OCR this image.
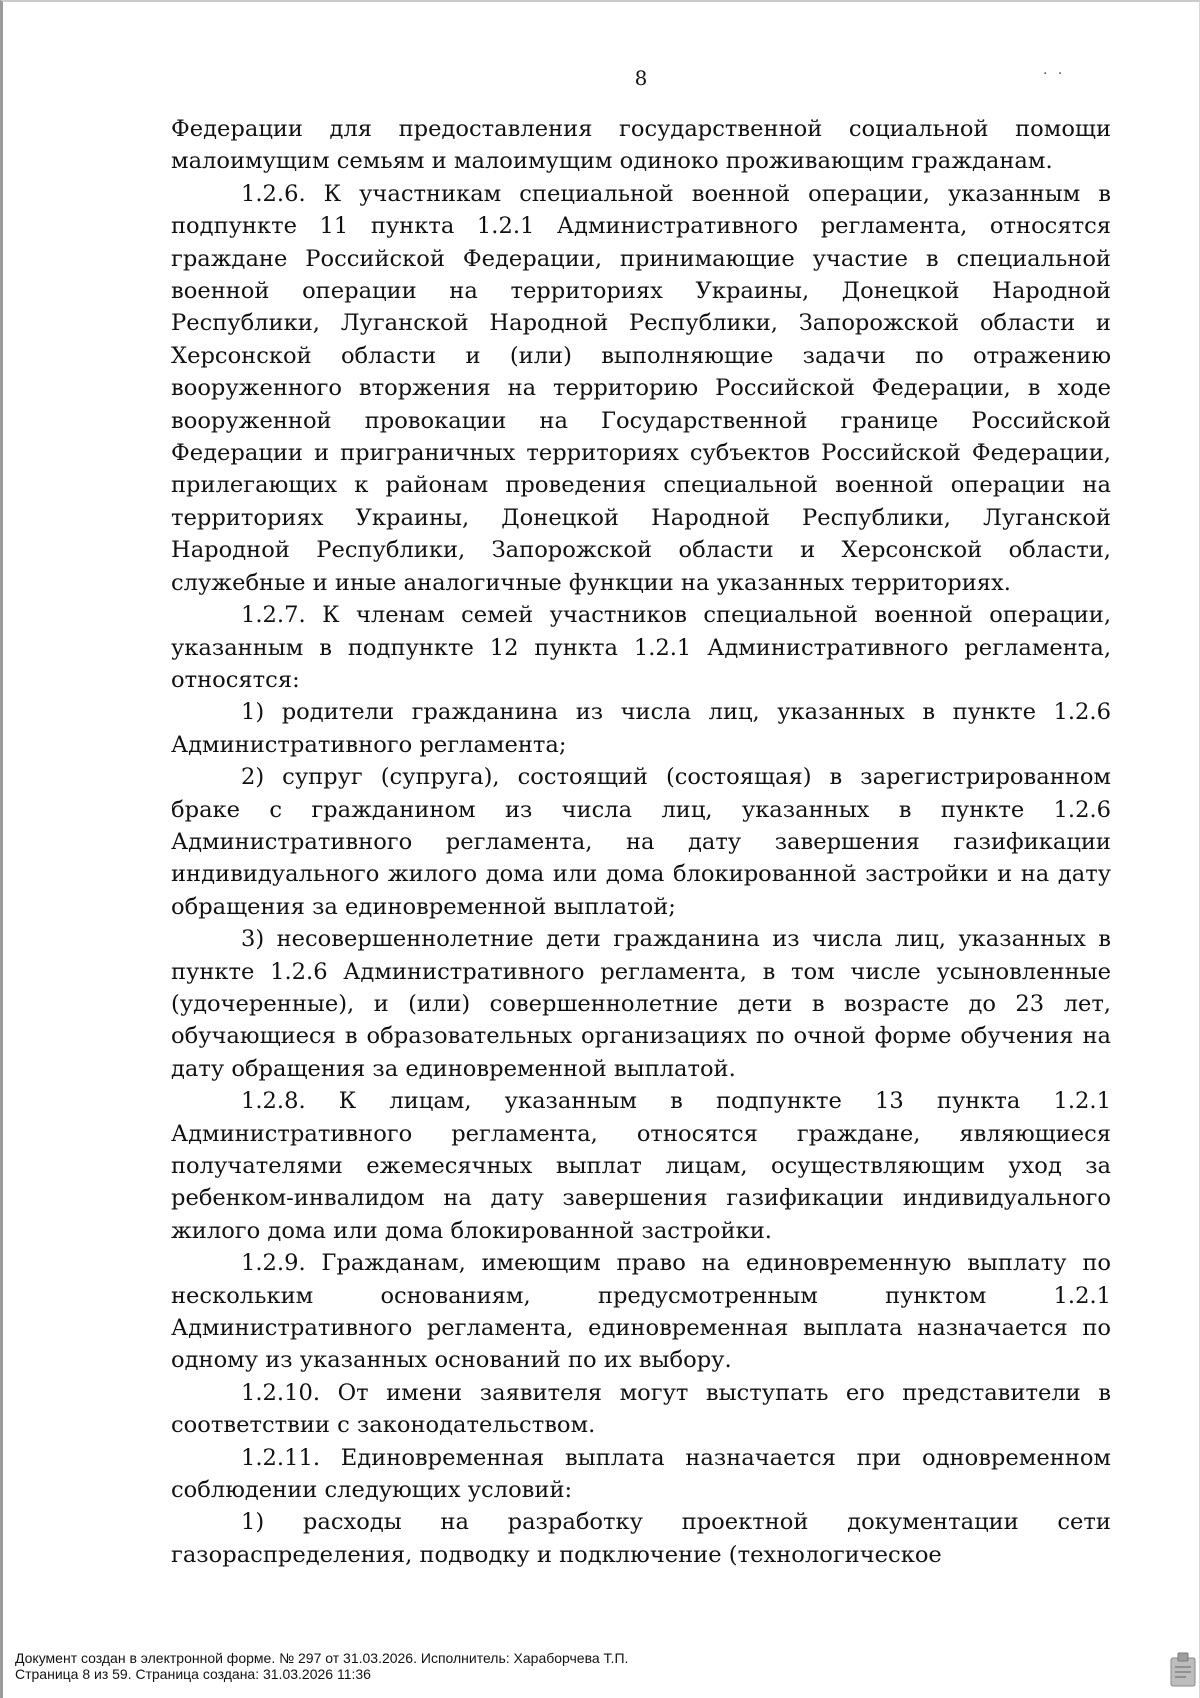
8	· ·

Федерации для предоставления государственной социальной помощи малоимущим семьям и малоимущим одиноко проживающим гражданам.

1.2.6. К участникам специальной военной операции, указанным в подпункте 11 пункта 1.2.1 Административного регламента, относятся граждане Российской Федерации, принимающие участие в специальной военной операции на территориях Украины, Донецкой Народной Республики, Луганской Народной Республики, Запорожской области и Херсонской области и (или) выполняющие задачи по отражению вооруженного вторжения на территорию Российской Федерации, в ходе вооруженной провокации на Государственной границе Российской Федерации и приграничных территориях субъектов Российской Федерации, прилегающих к районам проведения специальной военной операции на территориях Украины, Донецкой Народной Республики, Луганской Народной Республики, Запорожской области и Херсонской области, служебные и иные аналогичные функции на указанных территориях.

1.2.7. К членам семей участников специальной военной операции, указанным в подпункте 12 пункта 1.2.1 Административного регламента, относятся:

1) родители гражданина из числа лиц, указанных в пункте 1.2.6 Административного регламента;

2) супруг (супруга), состоящий (состоящая) в зарегистрированном браке с гражданином из числа лиц, указанных в пункте 1.2.6 Административного регламента, на дату завершения газификации индивидуального жилого дома или дома блокированной застройки и на дату обращения за единовременной выплатой;

3) несовершеннолетние дети гражданина из числа лиц, указанных в пункте 1.2.6 Административного регламента, в том числе усыновленные (удочеренные), и (или) совершеннолетние дети в возрасте до 23 лет, обучающиеся в образовательных организациях по очной форме обучения на дату обращения за единовременной выплатой.

1.2.8. К лицам, указанным в подпункте 13 пункта 1.2.1 Административного регламента, относятся граждане, являющиеся получателями ежемесячных выплат лицам, осуществляющим уход за ребенком-инвалидом на дату завершения газификации индивидуального жилого дома или дома блокированной застройки.

1.2.9. Гражданам, имеющим право на единовременную выплату по нескольким основаниям, предусмотренным пунктом 1.2.1 Административного регламента, единовременная выплата назначается по одному из указанных оснований по их выбору.

1.2.10. От имени заявителя могут выступать его представители в соответствии с законодательством.

1.2.11. Единовременная выплата назначается при одновременном соблюдении следующих условий:

1) расходы на разработку проектной документации сети газораспределения, подводку и подключение (технологическое

Документ создан в электронной форме. № 297 от 31.03.2026. Исполнитель: Хараборчева Т.П.
Страница 8 из 59. Страница создана: 31.03.2026 11:36
